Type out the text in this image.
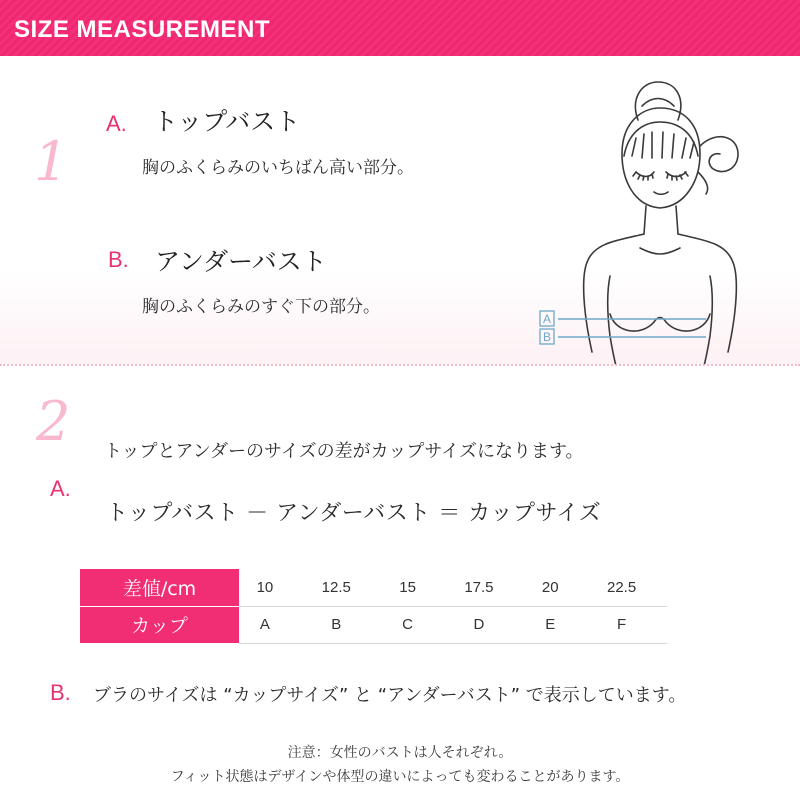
SIZE MEASUREMENT
1
A. トップバスト
胸のふくらみのいちばん高い部分。
B. アンダーバスト
胸のふくらみのすぐ下の部分。
A
B
2 トップとアンダーのサイズの差がカップサイズになります。
A.
トップバスト － アンダーバスト ＝ カップサイズ
差値/cm	10	12.5	15	17.5	20	22.5
カップ	A	B	C	D	E	F
B. ブラのサイズは “カップサイズ” と “アンダーバスト” で表示しています。
注意：女性のバストは人それぞれ。
フィット状態はデザインや体型の違いによっても変わることがあります。
